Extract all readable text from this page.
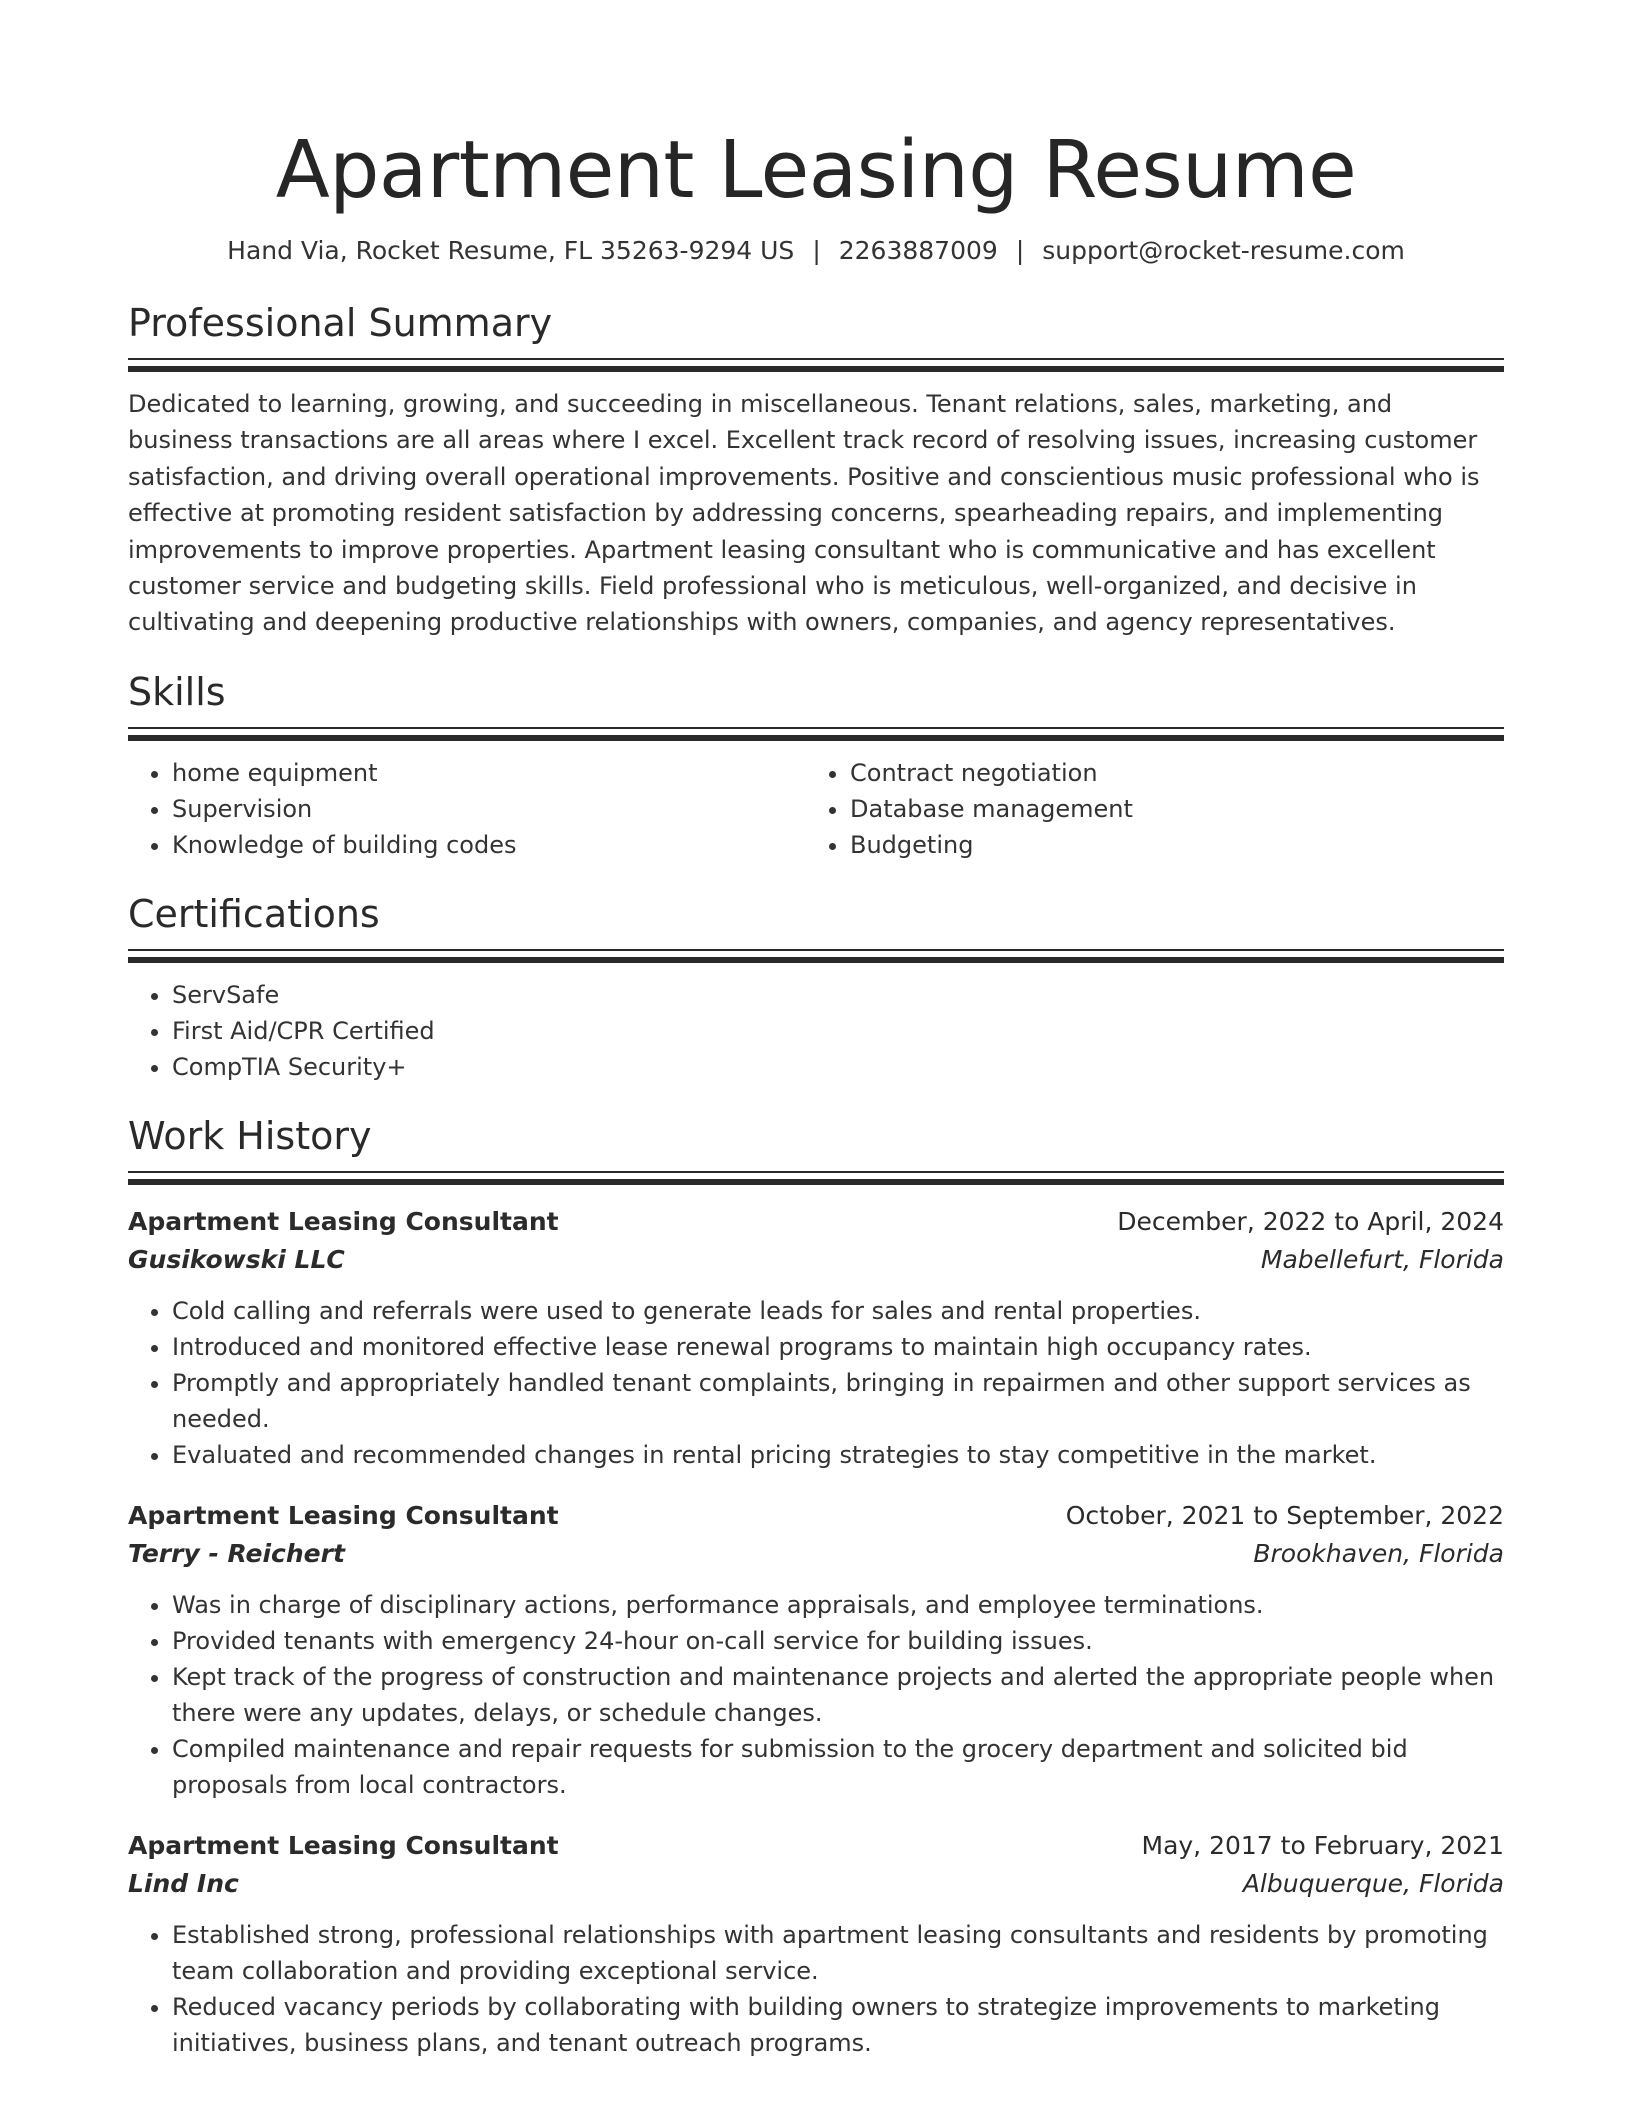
Apartment Leasing Resume
Hand Via, Rocket Resume, FL 35263-9294 US | 2263887009 | support@rocket-resume.com
Professional Summary
Dedicated to learning, growing, and succeeding in miscellaneous. Tenant relations, sales, marketing, and business transactions are all areas where I excel. Excellent track record of resolving issues, increasing customer satisfaction, and driving overall operational improvements. Positive and conscientious music professional who is effective at promoting resident satisfaction by addressing concerns, spearheading repairs, and implementing improvements to improve properties. Apartment leasing consultant who is communicative and has excellent customer service and budgeting skills. Field professional who is meticulous, well-organized, and decisive in cultivating and deepening productive relationships with owners, companies, and agency representatives.
Skills
• home equipment
• Supervision
• Knowledge of building codes
• Contract negotiation
• Database management
• Budgeting
Certifications
• ServSafe
• First Aid/CPR Certified
• CompTIA Security+
Work History
Apartment Leasing Consultant	December, 2022 to April, 2024
Gusikowski LLC	Mabellefurt, Florida
• Cold calling and referrals were used to generate leads for sales and rental properties.
• Introduced and monitored effective lease renewal programs to maintain high occupancy rates.
• Promptly and appropriately handled tenant complaints, bringing in repairmen and other support services as needed.
• Evaluated and recommended changes in rental pricing strategies to stay competitive in the market.
Apartment Leasing Consultant	October, 2021 to September, 2022
Terry - Reichert	Brookhaven, Florida
• Was in charge of disciplinary actions, performance appraisals, and employee terminations.
• Provided tenants with emergency 24-hour on-call service for building issues.
• Kept track of the progress of construction and maintenance projects and alerted the appropriate people when there were any updates, delays, or schedule changes.
• Compiled maintenance and repair requests for submission to the grocery department and solicited bid proposals from local contractors.
Apartment Leasing Consultant	May, 2017 to February, 2021
Lind Inc	Albuquerque, Florida
• Established strong, professional relationships with apartment leasing consultants and residents by promoting team collaboration and providing exceptional service.
• Reduced vacancy periods by collaborating with building owners to strategize improvements to marketing initiatives, business plans, and tenant outreach programs.
